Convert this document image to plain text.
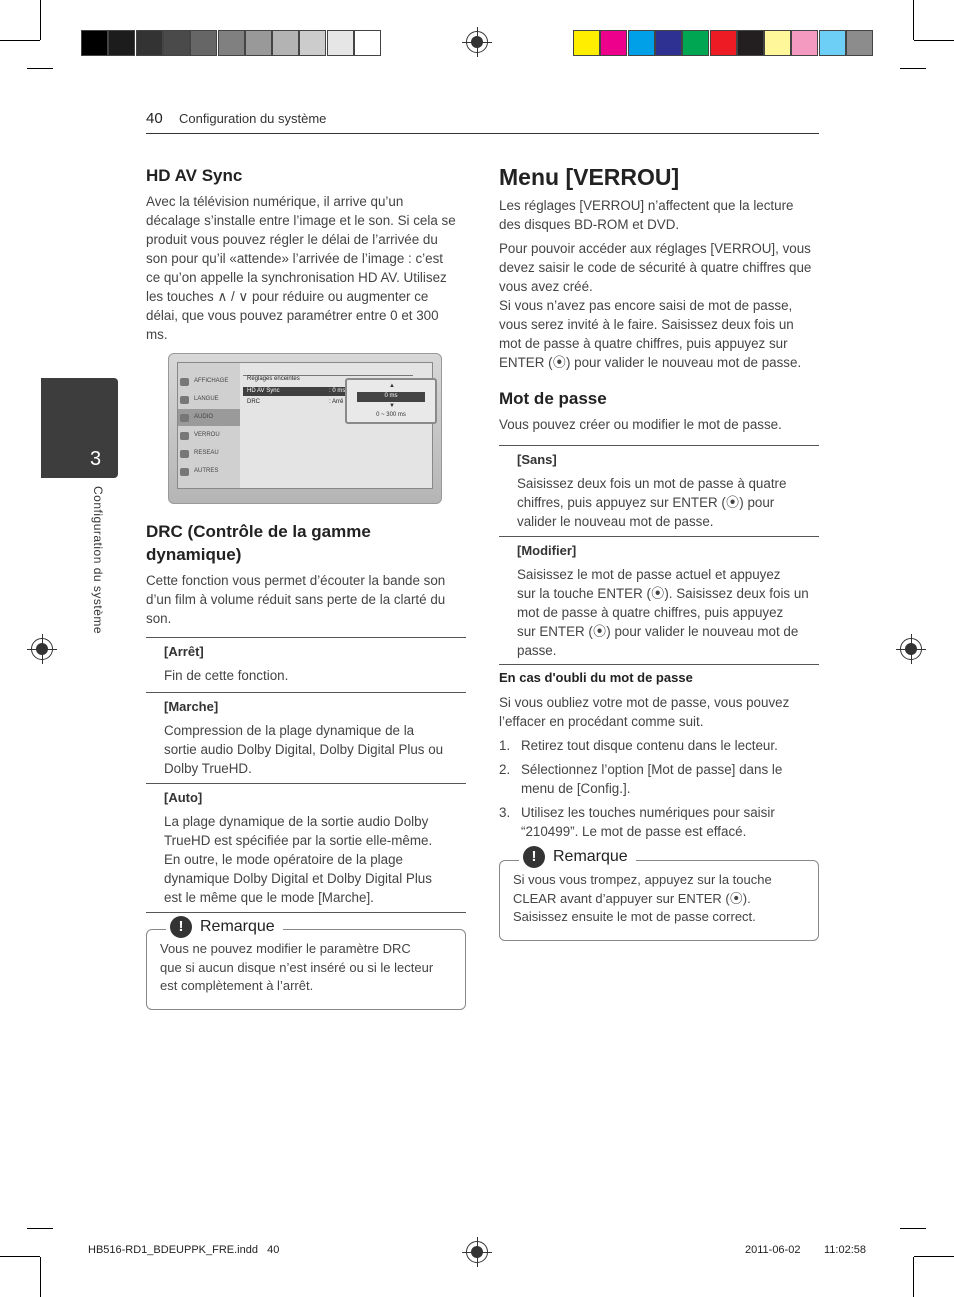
40 Configuration du système
3
Configuration du système
HD AV Sync
Avec la télévision numérique, il arrive qu’un
décalage s’installe entre l’image et le son. Si cela se
produit vous pouvez régler le délai de l’arrivée du
son pour qu’il «attende» l’arrivée de l’image : c’est
ce qu’on appelle la synchronisation HD AV. Utilisez
les touches ∧ / ∨ pour réduire ou augmenter ce
délai, que vous pouvez paramétrer entre 0 et 300
ms.
AFFICHAGE
LANGUE
AUDIO
VERROU
RESEAU
AUTRES
Réglages enceintes
HD AV Sync	: 0 ms
DRC	: Arrê
▲
0 ms
▼
0 ~ 300 ms
DRC (Contrôle de la gamme
dynamique)
Cette fonction vous permet d’écouter la bande son
d’un film à volume réduit sans perte de la clarté du
son.
[Arrêt]
Fin de cette fonction.
[Marche]
Compression de la plage dynamique de la
sortie audio Dolby Digital, Dolby Digital Plus ou
Dolby TrueHD.
[Auto]
La plage dynamique de la sortie audio Dolby
TrueHD est spécifiée par la sortie elle-même.
En outre, le mode opératoire de la plage
dynamique Dolby Digital et Dolby Digital Plus
est le même que le mode [Marche].
!	Remarque
Vous ne pouvez modifier le paramètre DRC
que si aucun disque n’est inséré ou si le lecteur
est complètement à l’arrêt.
Menu [VERROU]
Les réglages [VERROU] n’affectent que la lecture
des disques BD-ROM et DVD.
Pour pouvoir accéder aux réglages [VERROU], vous
devez saisir le code de sécurité à quatre chiffres que
vous avez créé.
Si vous n’avez pas encore saisi de mot de passe,
vous serez invité à le faire. Saisissez deux fois un
mot de passe à quatre chiffres, puis appuyez sur
ENTER (⦿) pour valider le nouveau mot de passe.
Mot de passe
Vous pouvez créer ou modifier le mot de passe.
[Sans]
Saisissez deux fois un mot de passe à quatre
chiffres, puis appuyez sur ENTER (⦿) pour
valider le nouveau mot de passe.
[Modifier]
Saisissez le mot de passe actuel et appuyez
sur la touche ENTER (⦿). Saisissez deux fois un
mot de passe à quatre chiffres, puis appuyez
sur ENTER (⦿) pour valider le nouveau mot de
passe.
En cas d'oubli du mot de passe
Si vous oubliez votre mot de passe, vous pouvez
l’effacer en procédant comme suit.
1. Retirez tout disque contenu dans le lecteur.
2. Sélectionnez l’option [Mot de passe] dans le
menu de [Config.].
3. Utilisez les touches numériques pour saisir
“210499”. Le mot de passe est effacé.
!	Remarque
Si vous vous trompez, appuyez sur la touche
CLEAR avant d’appuyer sur ENTER (⦿).
Saisissez ensuite le mot de passe correct.
HB516-RD1_BDEUPPK_FRE.indd   40	2011-06-02 11:02:58
